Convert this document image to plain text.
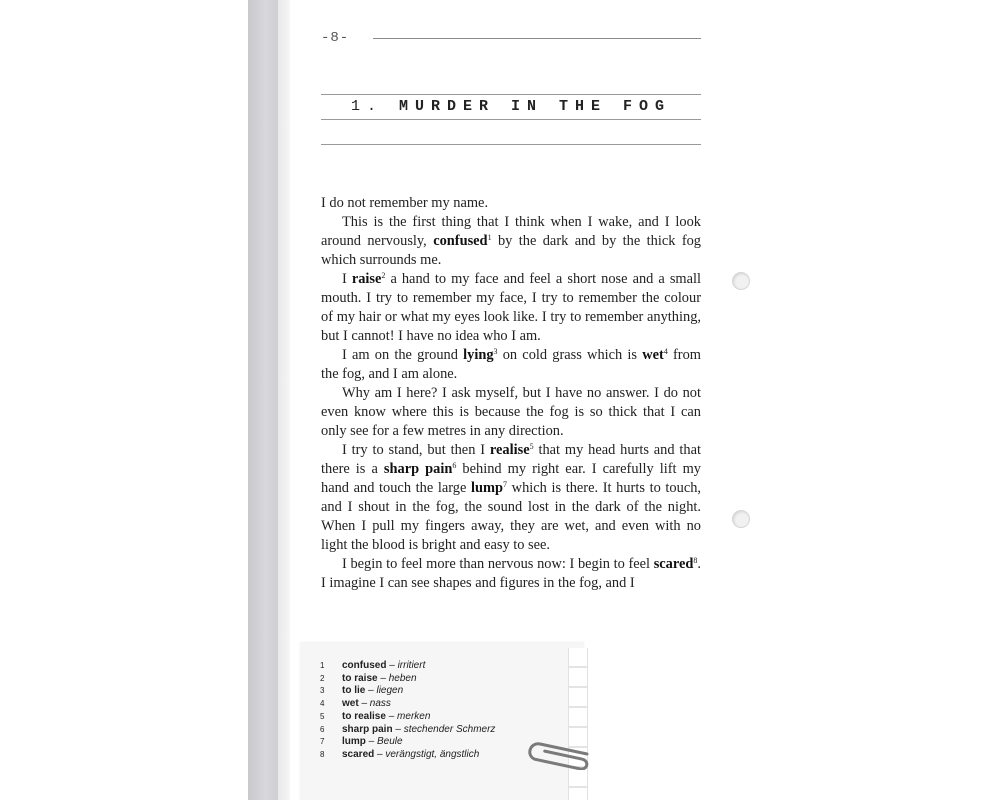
-8-
1. MURDER IN THE FOG

I do not remember my name.

This is the first thing that I think when I wake, and I look around nervously, confused$^1$ by the dark and by the thick fog which surrounds me.

I raise$^2$ a hand to my face and feel a short nose and a small mouth. I try to remember my face, I try to remember the colour of my hair or what my eyes look like. I try to remember anything, but I cannot! I have no idea who I am.

I am on the ground lying$^3$ on cold grass which is wet$^4$ from the fog, and I am alone.

Why am I here? I ask myself, but I have no answer. I do not even know where this is because the fog is so thick that I can only see for a few metres in any direction.

I try to stand, but then I realise$^5$ that my head hurts and that there is a sharp pain$^6$ behind my right ear. I carefully lift my hand and touch the large lump$^7$ which is there. It hurts to touch, and I shout in the fog, the sound lost in the dark of the night. When I pull my fingers away, they are wet, and even with no light the blood is bright and easy to see.

I begin to feel more than nervous now: I begin to feel scared$^8$. I imagine I can see shapes and figures in the fog, and I

1 confused – irritiert
2 to raise – heben
3 to lie – liegen
4 wet – nass
5 to realise – merken
6 sharp pain – stechender Schmerz
7 lump – Beule
8 scared – verängstigt, ängstlich
